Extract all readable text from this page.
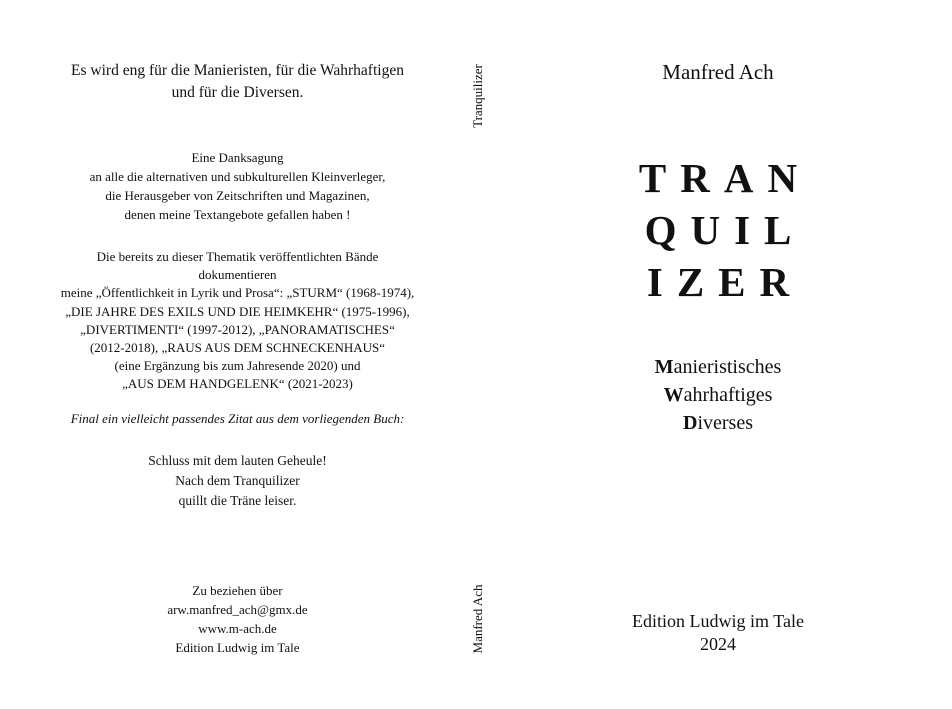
Es wird eng für die Manieristen, für die Wahrhaftigen
und für die Diversen.
Eine Danksagung
an alle die alternativen und subkulturellen Kleinverleger,
die Herausgeber von Zeitschriften und Magazinen,
denen meine Textangebote gefallen haben !
Die bereits zu dieser Thematik veröffentlichten Bände
dokumentieren
meine „Öffentlichkeit in Lyrik und Prosa“: „STURM“ (1968-1974),
„DIE JAHRE DES EXILS UND DIE HEIMKEHR“ (1975-1996),
„DIVERTIMENTI“ (1997-2012), „PANORAMATISCHES“
(2012-2018), „RAUS AUS DEM SCHNECKENHAUS“
(eine Ergänzung bis zum Jahresende 2020) und
„AUS DEM HANDGELENK“ (2021-2023)
Final ein vielleicht passendes Zitat aus dem vorliegenden Buch:
Schluss mit dem lauten Geheule!
Nach dem Tranquilizer
quillt die Träne leiser.
Zu beziehen über
arw.manfred_ach@gmx.de
www.m-ach.de
Edition Ludwig im Tale
Tranquilizer
Manfred Ach
Manfred Ach
TRAN
QUIL
IZER
Manieristisches
Wahrhaftiges
Diverses
Edition Ludwig im Tale
2024
